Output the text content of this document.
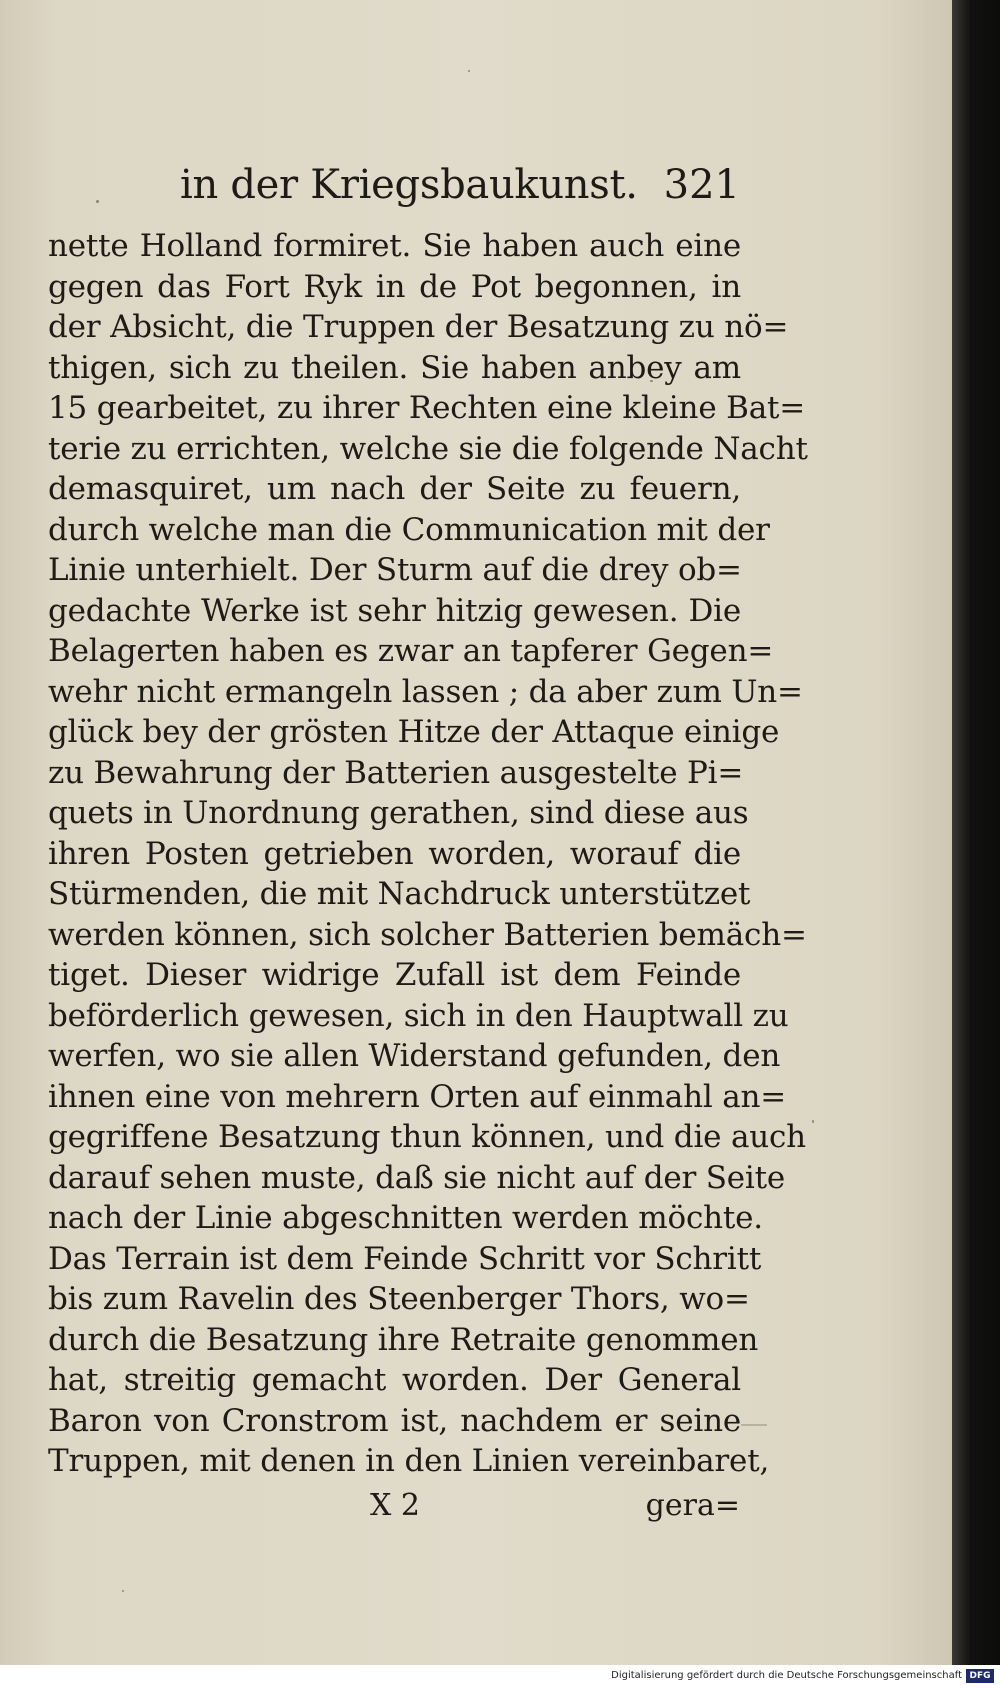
in der Kriegsbaukunst. 321
nette Holland formiret. Sie haben auch eine
gegen das Fort Ryk in de Pot begonnen, in
der Absicht, die Truppen der Besatzung zu nö=
thigen, sich zu theilen. Sie haben anbey am
15 gearbeitet, zu ihrer Rechten eine kleine Bat=
terie zu errichten, welche sie die folgende Nacht
demasquiret, um nach der Seite zu feuern,
durch welche man die Communication mit der
Linie unterhielt. Der Sturm auf die drey ob=
gedachte Werke ist sehr hitzig gewesen. Die
Belagerten haben es zwar an tapferer Gegen=
wehr nicht ermangeln lassen ; da aber zum Un=
glück bey der grösten Hitze der Attaque einige
zu Bewahrung der Batterien ausgestelte Pi=
quets in Unordnung gerathen, sind diese aus
ihren Posten getrieben worden, worauf die
Stürmenden, die mit Nachdruck unterstützet
werden können, sich solcher Batterien bemäch=
tiget. Dieser widrige Zufall ist dem Feinde
beförderlich gewesen, sich in den Hauptwall zu
werfen, wo sie allen Widerstand gefunden, den
ihnen eine von mehrern Orten auf einmahl an=
gegriffene Besatzung thun können, und die auch
darauf sehen muste, daß sie nicht auf der Seite
nach der Linie abgeschnitten werden möchte.
Das Terrain ist dem Feinde Schritt vor Schritt
bis zum Ravelin des Steenberger Thors, wo=
durch die Besatzung ihre Retraite genommen
hat, streitig gemacht worden. Der General
Baron von Cronstrom ist, nachdem er seine
Truppen, mit denen in den Linien vereinbaret,
X 2	gera=
Digitalisierung gefördert durch die Deutsche Forschungsgemeinschaft DFG
